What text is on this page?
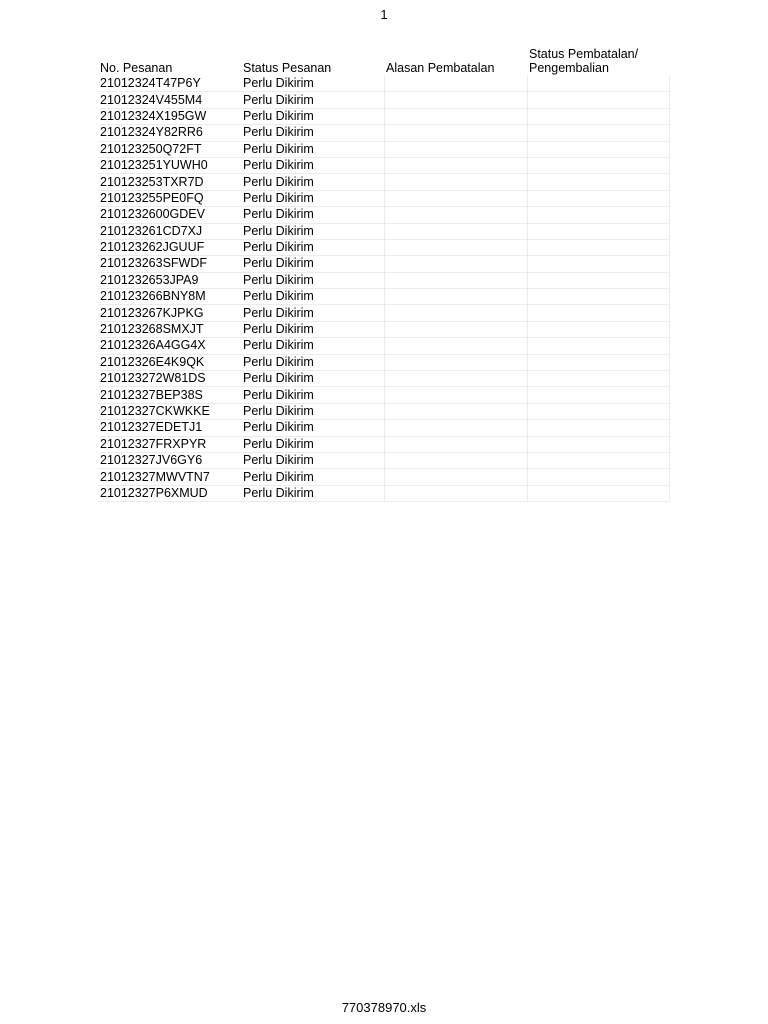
1
No. Pesanan	Status Pesanan	Alasan Pembatalan	Status Pembatalan/ Pengembalian
21012324T47P6Y	Perlu Dikirim		
21012324V455M4	Perlu Dikirim		
21012324X195GW	Perlu Dikirim		
21012324Y82RR6	Perlu Dikirim		
210123250Q72FT	Perlu Dikirim		
210123251YUWH0	Perlu Dikirim		
210123253TXR7D	Perlu Dikirim		
210123255PE0FQ	Perlu Dikirim		
2101232600GDEV	Perlu Dikirim		
210123261CD7XJ	Perlu Dikirim		
210123262JGUUF	Perlu Dikirim		
210123263SFWDF	Perlu Dikirim		
2101232653JPA9	Perlu Dikirim		
210123266BNY8M	Perlu Dikirim		
210123267KJPKG	Perlu Dikirim		
210123268SMXJT	Perlu Dikirim		
21012326A4GG4X	Perlu Dikirim		
21012326E4K9QK	Perlu Dikirim		
210123272W81DS	Perlu Dikirim		
21012327BEP38S	Perlu Dikirim		
21012327CKWKKE	Perlu Dikirim		
21012327EDETJ1	Perlu Dikirim		
21012327FRXPYR	Perlu Dikirim		
21012327JV6GY6	Perlu Dikirim		
21012327MWVTN7	Perlu Dikirim		
21012327P6XMUD	Perlu Dikirim		
770378970.xls
